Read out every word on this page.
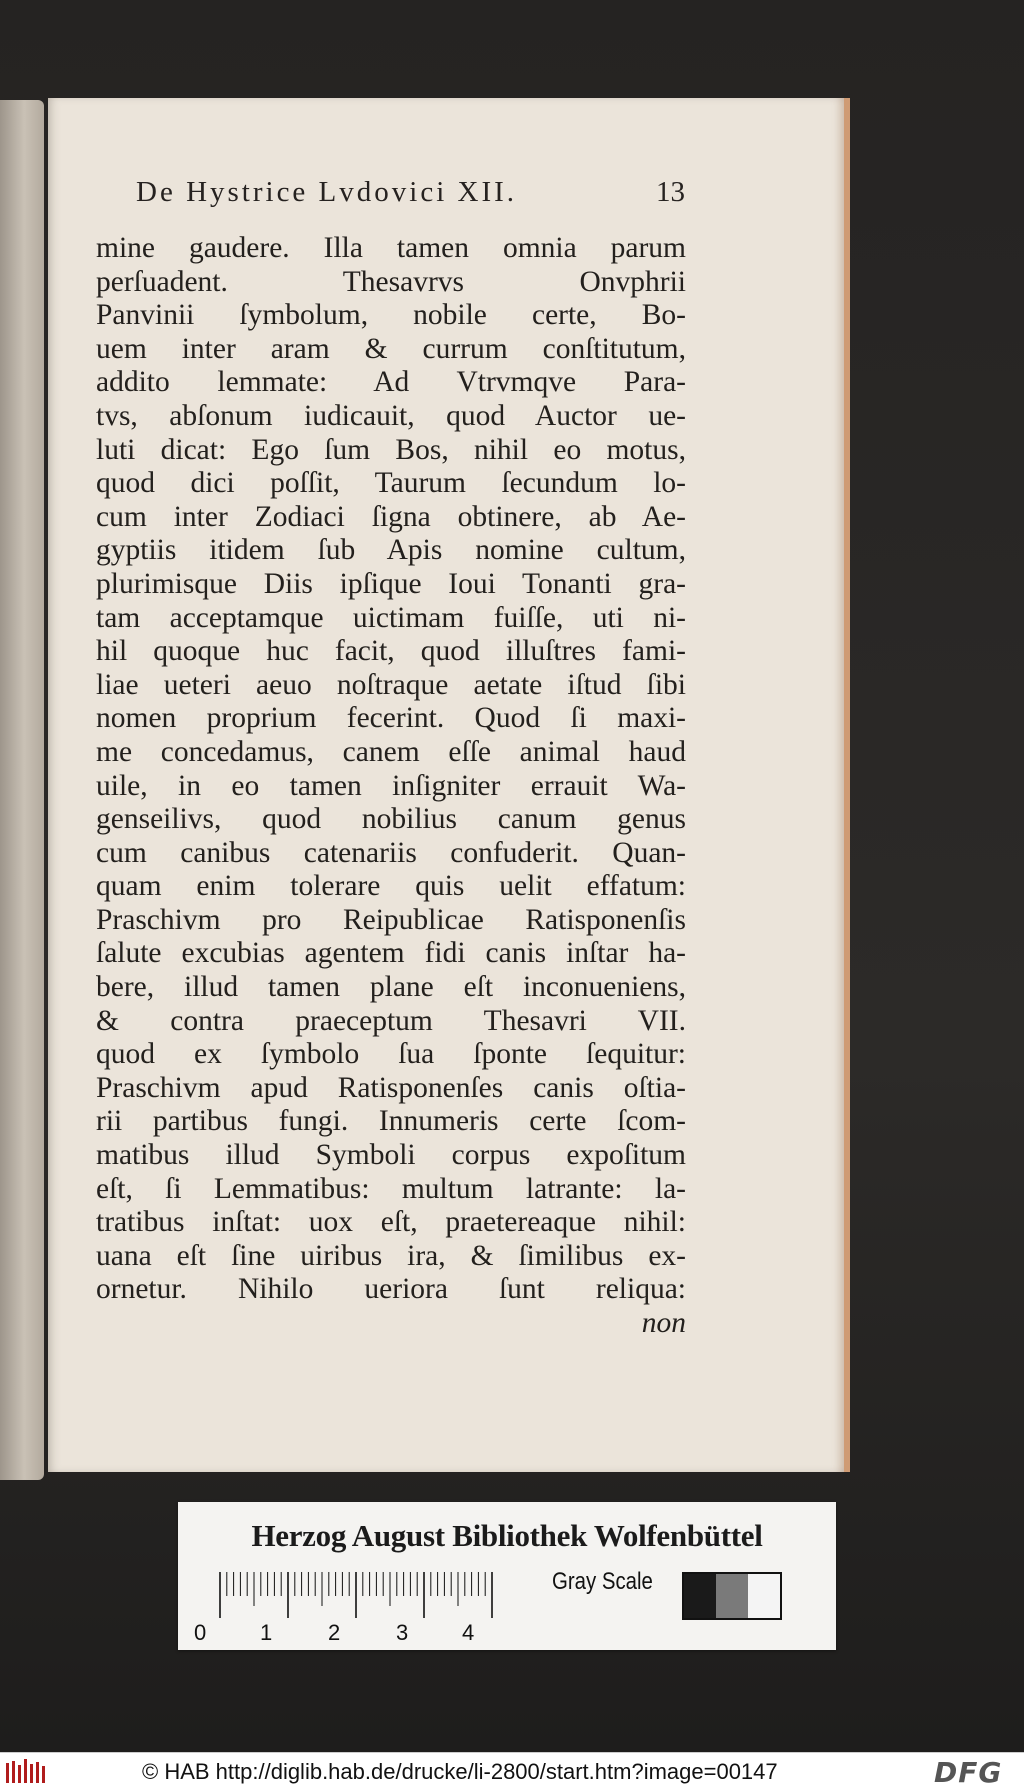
De Hystrice Lvdovici XII.	13
mine gaudere. Illa tamen omnia parum
perſuadent. Thesavrvs Onvphrii
Panvinii ſymbolum, nobile certe, Bo-
uem inter aram & currum conſtitutum,
addito lemmate: Ad Vtrvmqve Para-
tvs, abſonum iudicauit, quod Auctor ue-
luti dicat: Ego ſum Bos, nihil eo motus,
quod dici poſſit, Taurum ſecundum lo-
cum inter Zodiaci ſigna obtinere, ab Ae-
gyptiis itidem ſub Apis nomine cultum,
plurimisque Diis ipſique Ioui Tonanti gra-
tam acceptamque uictimam fuiſſe, uti ni-
hil quoque huc facit, quod illuſtres fami-
liae ueteri aeuo noſtraque aetate iſtud ſibi
nomen proprium fecerint. Quod ſi maxi-
me concedamus, canem eſſe animal haud
uile, in eo tamen inſigniter errauit Wa-
genseilivs, quod nobilius canum genus
cum canibus catenariis confuderit. Quan-
quam enim tolerare quis uelit effatum:
Praschivm pro Reipublicae Ratisponenſis
ſalute excubias agentem fidi canis inſtar ha-
bere, illud tamen plane eſt inconueniens,
& contra praeceptum Thesavri VII.
quod ex ſymbolo ſua ſponte ſequitur:
Praschivm apud Ratisponenſes canis oſtia-
rii partibus fungi. Innumeris certe ſcom-
matibus illud Symboli corpus expoſitum
eſt, ſi Lemmatibus: multum latrante: la-
tratibus inſtat: uox eſt, praetereaque nihil:
uana eſt ſine uiribus ira, & ſimilibus ex-
ornetur. Nihilo ueriora ſunt reliqua:
non
Herzog August Bibliothek Wolfenbüttel
0 1	2	3 4
Gray Scale
© HAB http://diglib.hab.de/drucke/li-2800/start.htm?image=00147	DFG
